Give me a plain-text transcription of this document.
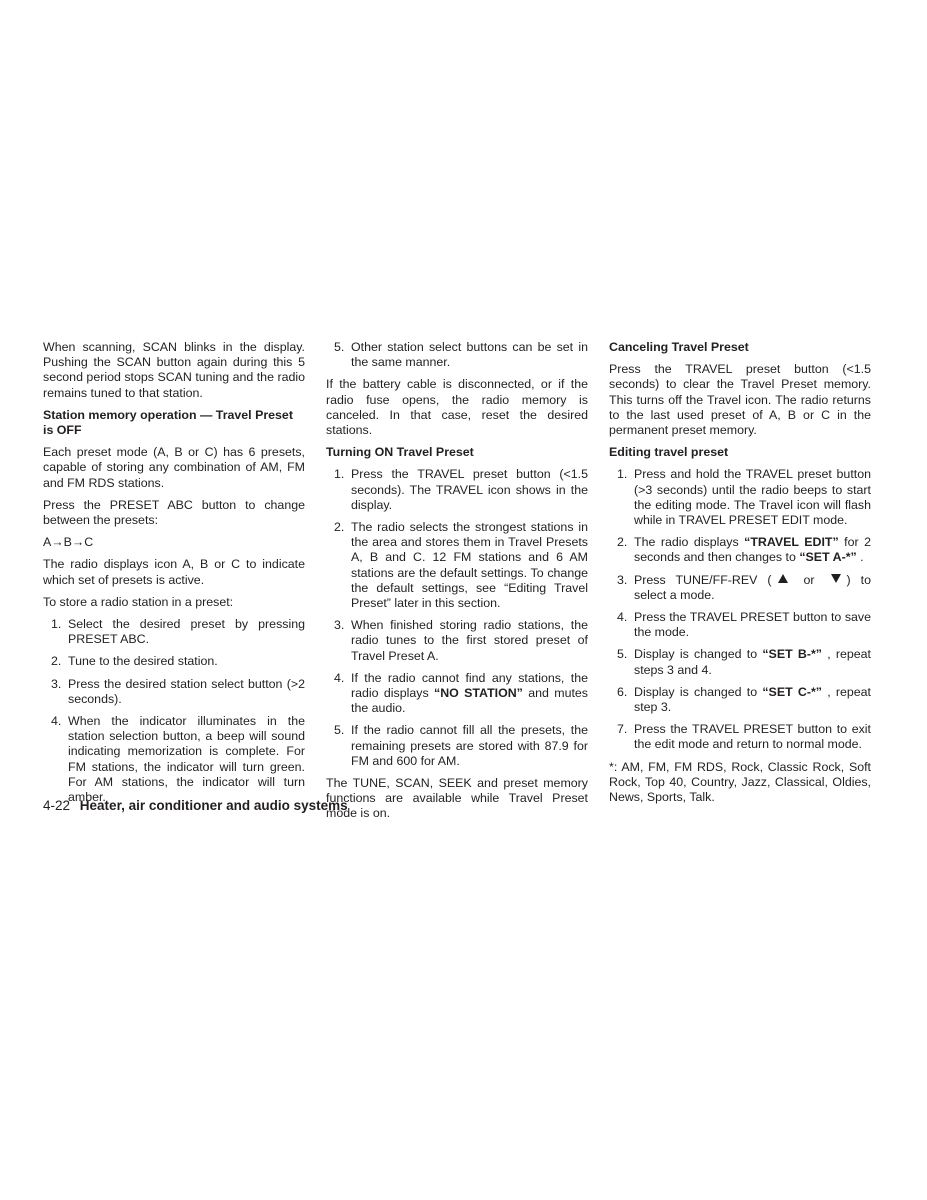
When scanning, SCAN blinks in the display. Pushing the SCAN button again during this 5 second period stops SCAN tuning and the radio remains tuned to that station.

Station memory operation — Travel Preset is OFF

Each preset mode (A, B or C) has 6 presets, capable of storing any combination of AM, FM and FM RDS stations.

Press the PRESET ABC button to change between the presets:

A→B→C

The radio displays icon A, B or C to indicate which set of presets is active.

To store a radio station in a preset:

1. Select the desired preset by pressing PRESET ABC.
2. Tune to the desired station.
3. Press the desired station select button (>2 seconds).
4. When the indicator illuminates in the station selection button, a beep will sound indicating memorization is complete. For FM stations, the indicator will turn green. For AM stations, the indicator will turn amber.
5. Other station select buttons can be set in the same manner.

If the battery cable is disconnected, or if the radio fuse opens, the radio memory is canceled. In that case, reset the desired stations.

Turning ON Travel Preset
1. Press the TRAVEL preset button (<1.5 seconds). The TRAVEL icon shows in the display.
2. The radio selects the strongest stations in the area and stores them in Travel Presets A, B and C. 12 FM stations and 6 AM stations are the default settings. To change the default settings, see “Editing Travel Preset” later in this section.
3. When finished storing radio stations, the radio tunes to the first stored preset of Travel Preset A.
4. If the radio cannot find any stations, the radio displays “NO STATION” and mutes the audio.
5. If the radio cannot fill all the presets, the remaining presets are stored with 87.9 for FM and 600 for AM.

The TUNE, SCAN, SEEK and preset memory functions are available while Travel Preset mode is on.

Canceling Travel Preset

Press the TRAVEL preset button (<1.5 seconds) to clear the Travel Preset memory. This turns off the Travel icon. The radio returns to the last used preset of A, B or C in the permanent preset memory.

Editing travel preset
1. Press and hold the TRAVEL preset button (>3 seconds) until the radio beeps to start the editing mode. The Travel icon will flash while in TRAVEL PRESET EDIT mode.
2. The radio displays “TRAVEL EDIT” for 2 seconds and then changes to “SET A-*” .
3. Press TUNE/FF-REV ( or ) to select a mode.
4. Press the TRAVEL PRESET button to save the mode.
5. Display is changed to “SET B-*” , repeat steps 3 and 4.
6. Display is changed to “SET C-*” , repeat step 3.
7. Press the TRAVEL PRESET button to exit the edit mode and return to normal mode.

*: AM, FM, FM RDS, Rock, Classic Rock, Soft Rock, Top 40, Country, Jazz, Classical, Oldies, News, Sports, Talk.

4-22 Heater, air conditioner and audio systems
